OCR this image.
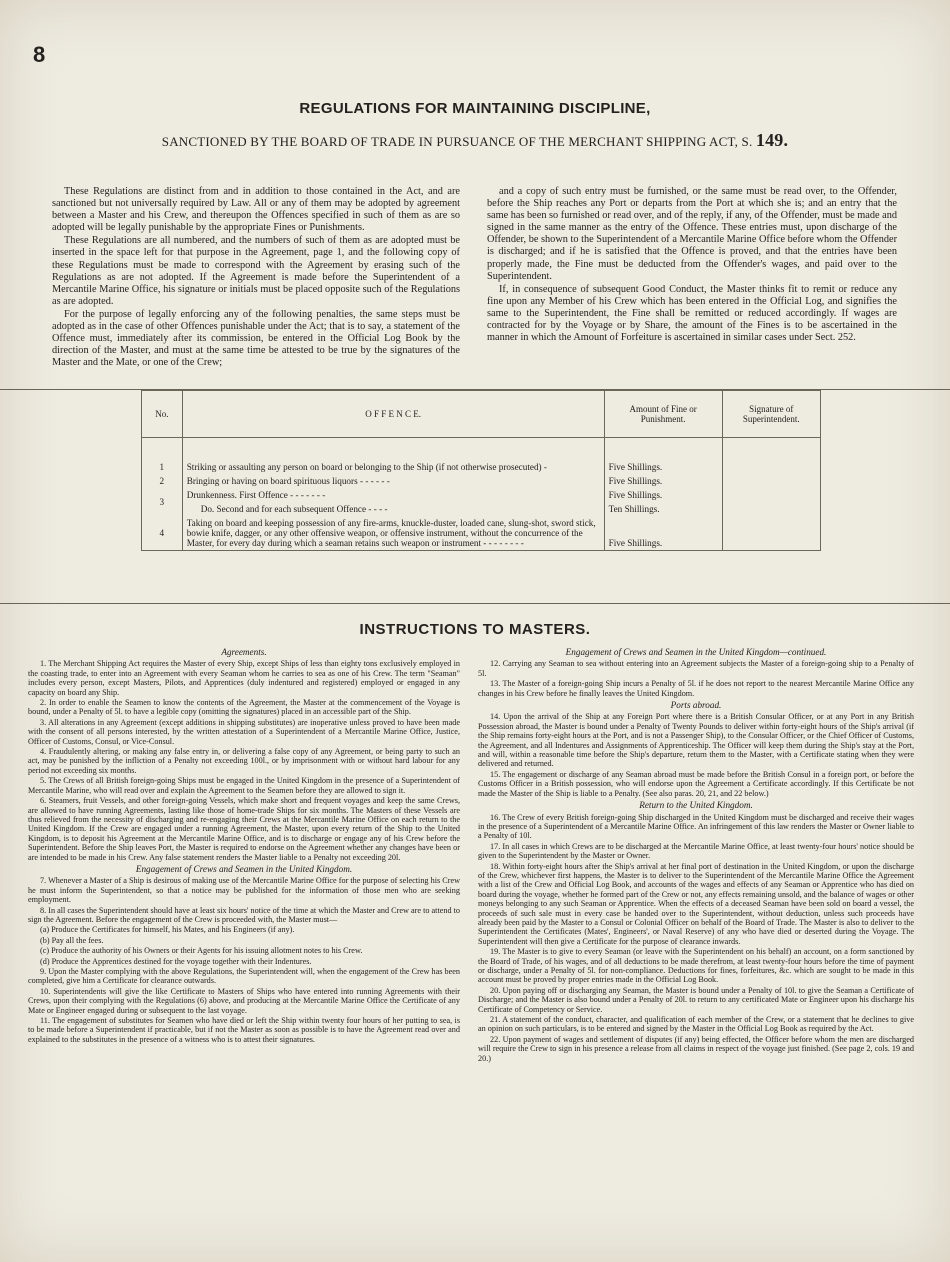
8
REGULATIONS FOR MAINTAINING DISCIPLINE,
SANCTIONED BY THE BOARD OF TRADE IN PURSUANCE OF THE MERCHANT SHIPPING ACT, S. 149.

These Regulations are distinct from and in addition to those contained in the Act, and are sanctioned but not universally required by Law. All or any of them may be adopted by agreement between a Master and his Crew, and thereupon the Offences specified in such of them as are so adopted will be legally punishable by the appropriate Fines or Punishments.

These Regulations are all numbered, and the numbers of such of them as are adopted must be inserted in the space left for that purpose in the Agreement, page 1, and the following copy of these Regulations must be made to correspond with the Agreement by erasing such of the Regulations as are not adopted. If the Agreement is made before the Superintendent of a Mercantile Marine Office, his signature or initials must be placed opposite such of the Regulations as are adopted.

For the purpose of legally enforcing any of the following penalties, the same steps must be adopted as in the case of other Offences punishable under the Act; that is to say, a statement of the Offence must, immediately after its commission, be entered in the Official Log Book by the direction of the Master, and must at the same time be attested to be true by the signatures of the Master and the Mate, or one of the Crew;

and a copy of such entry must be furnished, or the same must be read over, to the Offender, before the Ship reaches any Port or departs from the Port at which she is; and an entry that the same has been so furnished or read over, and of the reply, if any, of the Offender, must be made and signed in the same manner as the entry of the Offence. These entries must, upon discharge of the Offender, be shown to the Superintendent of a Mercantile Marine Office before whom the Offender is discharged; and if he is satisfied that the Offence is proved, and that the entries have been properly made, the Fine must be deducted from the Offender's wages, and paid over to the Superintendent.

If, in consequence of subsequent Good Conduct, the Master thinks fit to remit or reduce any fine upon any Member of his Crew which has been entered in the Official Log, and signifies the same to the Superintendent, the Fine shall be remitted or reduced accordingly. If wages are contracted for by the Voyage or by Share, the amount of the Fines is to be ascertained in the manner in which the Amount of Forfeiture is ascertained in similar cases under Sect. 252.

No.	O F F E N C E.	Amount of Fine or Punishment.	Signature of Superintendent.

1	Striking or assaulting any person on board or belonging to the Ship (if not otherwise prosecuted) -	Five Shillings.	
2	Bringing or having on board spirituous liquors - - - - - -	Five Shillings.	
3	Drunkenness. First Offence - - - - - - -	Five Shillings.	
	Do. Second and for each subsequent Offence - - - -	Ten Shillings.	
4	Taking on board and keeping possession of any fire-arms, knuckle-duster, loaded cane, slung-shot, sword stick, bowie knife, dagger, or any other offensive weapon, or offensive instrument, without the concurrence of the Master, for every day during which a seaman retains such weapon or instrument - - - - - - - -	Five Shillings.	
INSTRUCTIONS TO MASTERS.
Agreements.

1. The Merchant Shipping Act requires the Master of every Ship, except Ships of less than eighty tons exclusively employed in the coasting trade, to enter into an Agreement with every Seaman whom he carries to sea as one of his Crew. The term "Seaman" includes every person, except Masters, Pilots, and Apprentices (duly indentured and registered) employed or engaged in any capacity on board any Ship.

2. In order to enable the Seamen to know the contents of the Agreement, the Master at the commencement of the Voyage is bound, under a Penalty of 5l. to have a legible copy (omitting the signatures) placed in an accessible part of the Ship.

3. All alterations in any Agreement (except additions in shipping substitutes) are inoperative unless proved to have been made with the consent of all persons interested, by the written attestation of a Superintendent of a Mercantile Marine Office, Justice, Officer of Customs, Consul, or Vice-Consul.

4. Fraudulently altering, or making any false entry in, or delivering a false copy of any Agreement, or being party to such an act, may be punished by the infliction of a Penalty not exceeding 100l., or by imprisonment with or without hard labour for any period not exceeding six months.

5. The Crews of all British foreign-going Ships must be engaged in the United Kingdom in the presence of a Superintendent of Mercantile Marine, who will read over and explain the Agreement to the Seamen before they are allowed to sign it.

6. Steamers, fruit Vessels, and other foreign-going Vessels, which make short and frequent voyages and keep the same Crews, are allowed to have running Agreements, lasting like those of home-trade Ships for six months. The Masters of these Vessels are thus relieved from the necessity of discharging and re-engaging their Crews at the Mercantile Marine Office on each return to the United Kingdom. If the Crew are engaged under a running Agreement, the Master, upon every return of the Ship to the United Kingdom, is to deposit his Agreement at the Mercantile Marine Office, and is to discharge or engage any of his Crew before the Superintendent. Before the Ship leaves Port, the Master is required to endorse on the Agreement whether any changes have been or are intended to be made in his Crew. Any false statement renders the Master liable to a Penalty not exceeding 20l.

Engagement of Crews and Seamen in the United Kingdom.

7. Whenever a Master of a Ship is desirous of making use of the Mercantile Marine Office for the purpose of selecting his Crew he must inform the Superintendent, so that a notice may be published for the information of those men who are seeking employment.

8. In all cases the Superintendent should have at least six hours' notice of the time at which the Master and Crew are to attend to sign the Agreement. Before the engagement of the Crew is proceeded with, the Master must—

(a) Produce the Certificates for himself, his Mates, and his Engineers (if any).

(b) Pay all the fees.

(c) Produce the authority of his Owners or their Agents for his issuing allotment notes to his Crew.

(d) Produce the Apprentices destined for the voyage together with their Indentures.

9. Upon the Master complying with the above Regulations, the Superintendent will, when the engagement of the Crew has been completed, give him a Certificate for clearance outwards.

10. Superintendents will give the like Certificate to Masters of Ships who have entered into running Agreements with their Crews, upon their complying with the Regulations (6) above, and producing at the Mercantile Marine Office the Certificate of any Mate or Engineer engaged during or subsequent to the last voyage.

11. The engagement of substitutes for Seamen who have died or left the Ship within twenty four hours of her putting to sea, is to be made before a Superintendent if practicable, but if not the Master as soon as possible is to have the Agreement read over and explained to the substitutes in the presence of a witness who is to attest their signatures.

Engagement of Crews and Seamen in the United Kingdom—continued.

12. Carrying any Seaman to sea without entering into an Agreement subjects the Master of a foreign-going ship to a Penalty of 5l.

13. The Master of a foreign-going Ship incurs a Penalty of 5l. if he does not report to the nearest Mercantile Marine Office any changes in his Crew before he finally leaves the United Kingdom.

Ports abroad.

14. Upon the arrival of the Ship at any Foreign Port where there is a British Consular Officer, or at any Port in any British Possession abroad, the Master is bound under a Penalty of Twenty Pounds to deliver within forty-eight hours of the Ship's arrival (if the Ship remains forty-eight hours at the Port, and is not a Passenger Ship), to the Consular Officer, or the Chief Officer of Customs, the Agreement, and all Indentures and Assignments of Apprenticeship. The Officer will keep them during the Ship's stay at the Port, and will, within a reasonable time before the Ship's departure, return them to the Master, with a Certificate stating when they were delivered and returned.

15. The engagement or discharge of any Seaman abroad must be made before the British Consul in a foreign port, or before the Customs Officer in a British possession, who will endorse upon the Agreement a Certificate accordingly. If this Certificate be not made the Master of the Ship is liable to a Penalty. (See also paras. 20, 21, and 22 below.)

Return to the United Kingdom.

16. The Crew of every British foreign-going Ship discharged in the United Kingdom must be discharged and receive their wages in the presence of a Superintendent of a Mercantile Marine Office. An infringement of this law renders the Master or Owner liable to a Penalty of 10l.

17. In all cases in which Crews are to be discharged at the Mercantile Marine Office, at least twenty-four hours' notice should be given to the Superintendent by the Master or Owner.

18. Within forty-eight hours after the Ship's arrival at her final port of destination in the United Kingdom, or upon the discharge of the Crew, whichever first happens, the Master is to deliver to the Superintendent of the Mercantile Marine Office the Agreement with a list of the Crew and Official Log Book, and accounts of the wages and effects of any Seaman or Apprentice who has died on board during the voyage, whether he formed part of the Crew or not, any effects remaining unsold, and the balance of wages or other moneys belonging to any such Seaman or Apprentice. When the effects of a deceased Seaman have been sold on board a vessel, the proceeds of such sale must in every case be handed over to the Superintendent, without deduction, unless such proceeds have already been paid by the Master to a Consul or Colonial Officer on behalf of the Board of Trade. The Master is also to deliver to the Superintendent the Certificates (Mates', Engineers', or Naval Reserve) of any who have died or deserted during the Voyage. The Superintendent will then give a Certificate for the purpose of clearance inwards.

19. The Master is to give to every Seaman (or leave with the Superintendent on his behalf) an account, on a form sanctioned by the Board of Trade, of his wages, and of all deductions to be made therefrom, at least twenty-four hours before the time of payment or discharge, under a Penalty of 5l. for non-compliance. Deductions for fines, forfeitures, &c. which are sought to be made in this account must be proved by proper entries made in the Official Log Book.

20. Upon paying off or discharging any Seaman, the Master is bound under a Penalty of 10l. to give the Seaman a Certificate of Discharge; and the Master is also bound under a Penalty of 20l. to return to any certificated Mate or Engineer upon his discharge his Certificate of Competency or Service.

21. A statement of the conduct, character, and qualification of each member of the Crew, or a statement that he declines to give an opinion on such particulars, is to be entered and signed by the Master in the Official Log Book as required by the Act.

22. Upon payment of wages and settlement of disputes (if any) being effected, the Officer before whom the men are discharged will require the Crew to sign in his presence a release from all claims in respect of the voyage just finished. (See page 2, cols. 19 and 20.)
